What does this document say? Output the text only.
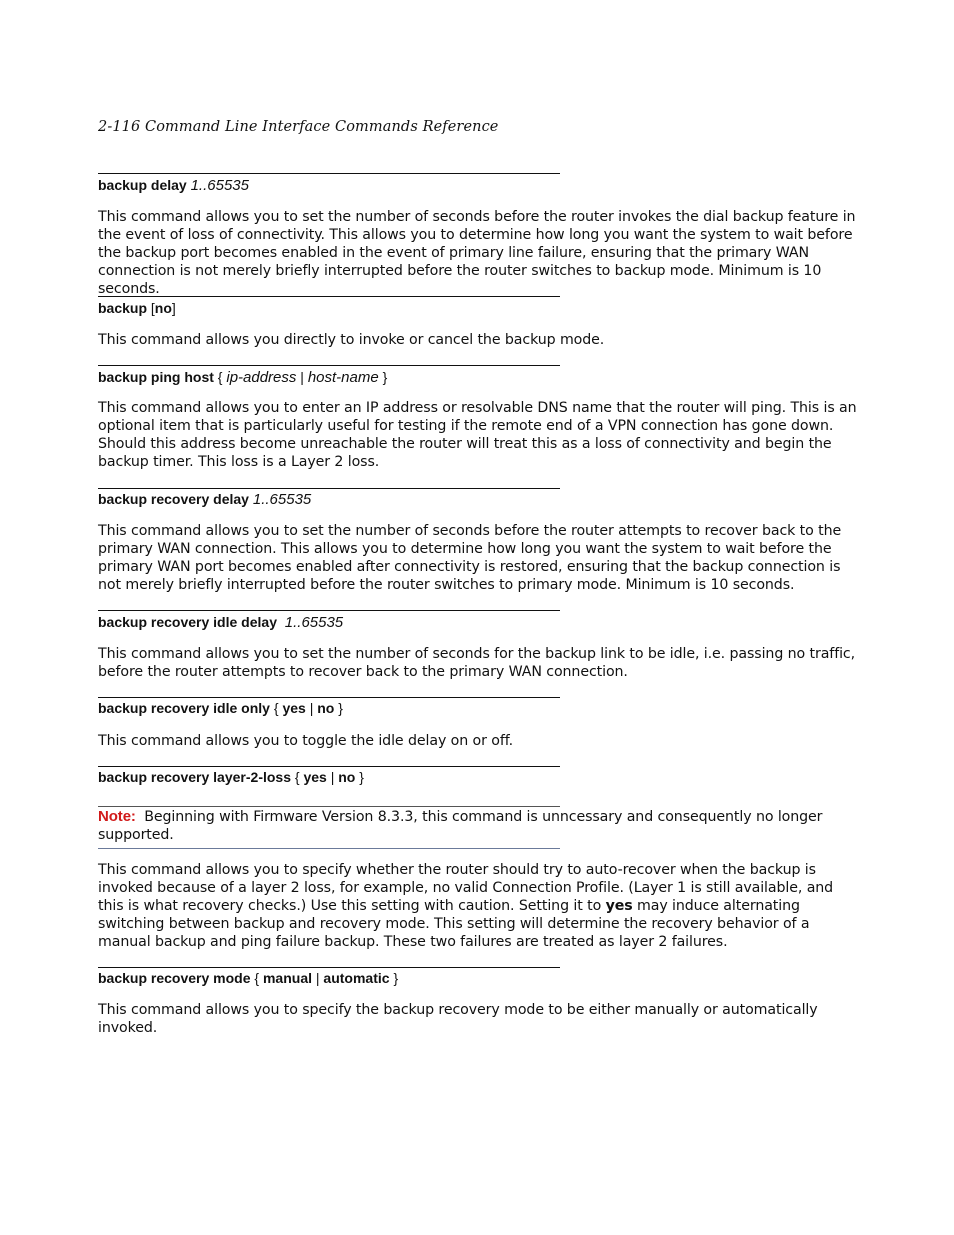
2-116 Command Line Interface Commands Reference
backup delay 1..65535
This command allows you to set the number of seconds before the router invokes the dial backup feature in the event of loss of connectivity. This allows you to determine how long you want the system to wait before the backup port becomes enabled in the event of primary line failure, ensuring that the primary WAN connection is not merely briefly interrupted before the router switches to backup mode. Minimum is 10 seconds.
backup [no]
This command allows you directly to invoke or cancel the backup mode.
backup ping host { ip-address | host-name }
This command allows you to enter an IP address or resolvable DNS name that the router will ping. This is an optional item that is particularly useful for testing if the remote end of a VPN connection has gone down. Should this address become unreachable the router will treat this as a loss of connectivity and begin the backup timer. This loss is a Layer 2 loss.
backup recovery delay 1..65535
This command allows you to set the number of seconds before the router attempts to recover back to the primary WAN connection. This allows you to determine how long you want the system to wait before the primary WAN port becomes enabled after connectivity is restored, ensuring that the backup connection is not merely briefly interrupted before the router switches to primary mode. Minimum is 10 seconds.
backup recovery idle delay 1..65535
This command allows you to set the number of seconds for the backup link to be idle, i.e. passing no traffic, before the router attempts to recover back to the primary WAN connection.
backup recovery idle only { yes | no }
This command allows you to toggle the idle delay on or off.
backup recovery layer-2-loss { yes | no }
Note: Beginning with Firmware Version 8.3.3, this command is unncessary and consequently no longer supported.
This command allows you to specify whether the router should try to auto-recover when the backup is invoked because of a layer 2 loss, for example, no valid Connection Profile. (Layer 1 is still available, and this is what recovery checks.) Use this setting with caution. Setting it to yes may induce alternating switching between backup and recovery mode. This setting will determine the recovery behavior of a manual backup and ping failure backup. These two failures are treated as layer 2 failures.
backup recovery mode { manual | automatic }
This command allows you to specify the backup recovery mode to be either manually or automatically invoked.
